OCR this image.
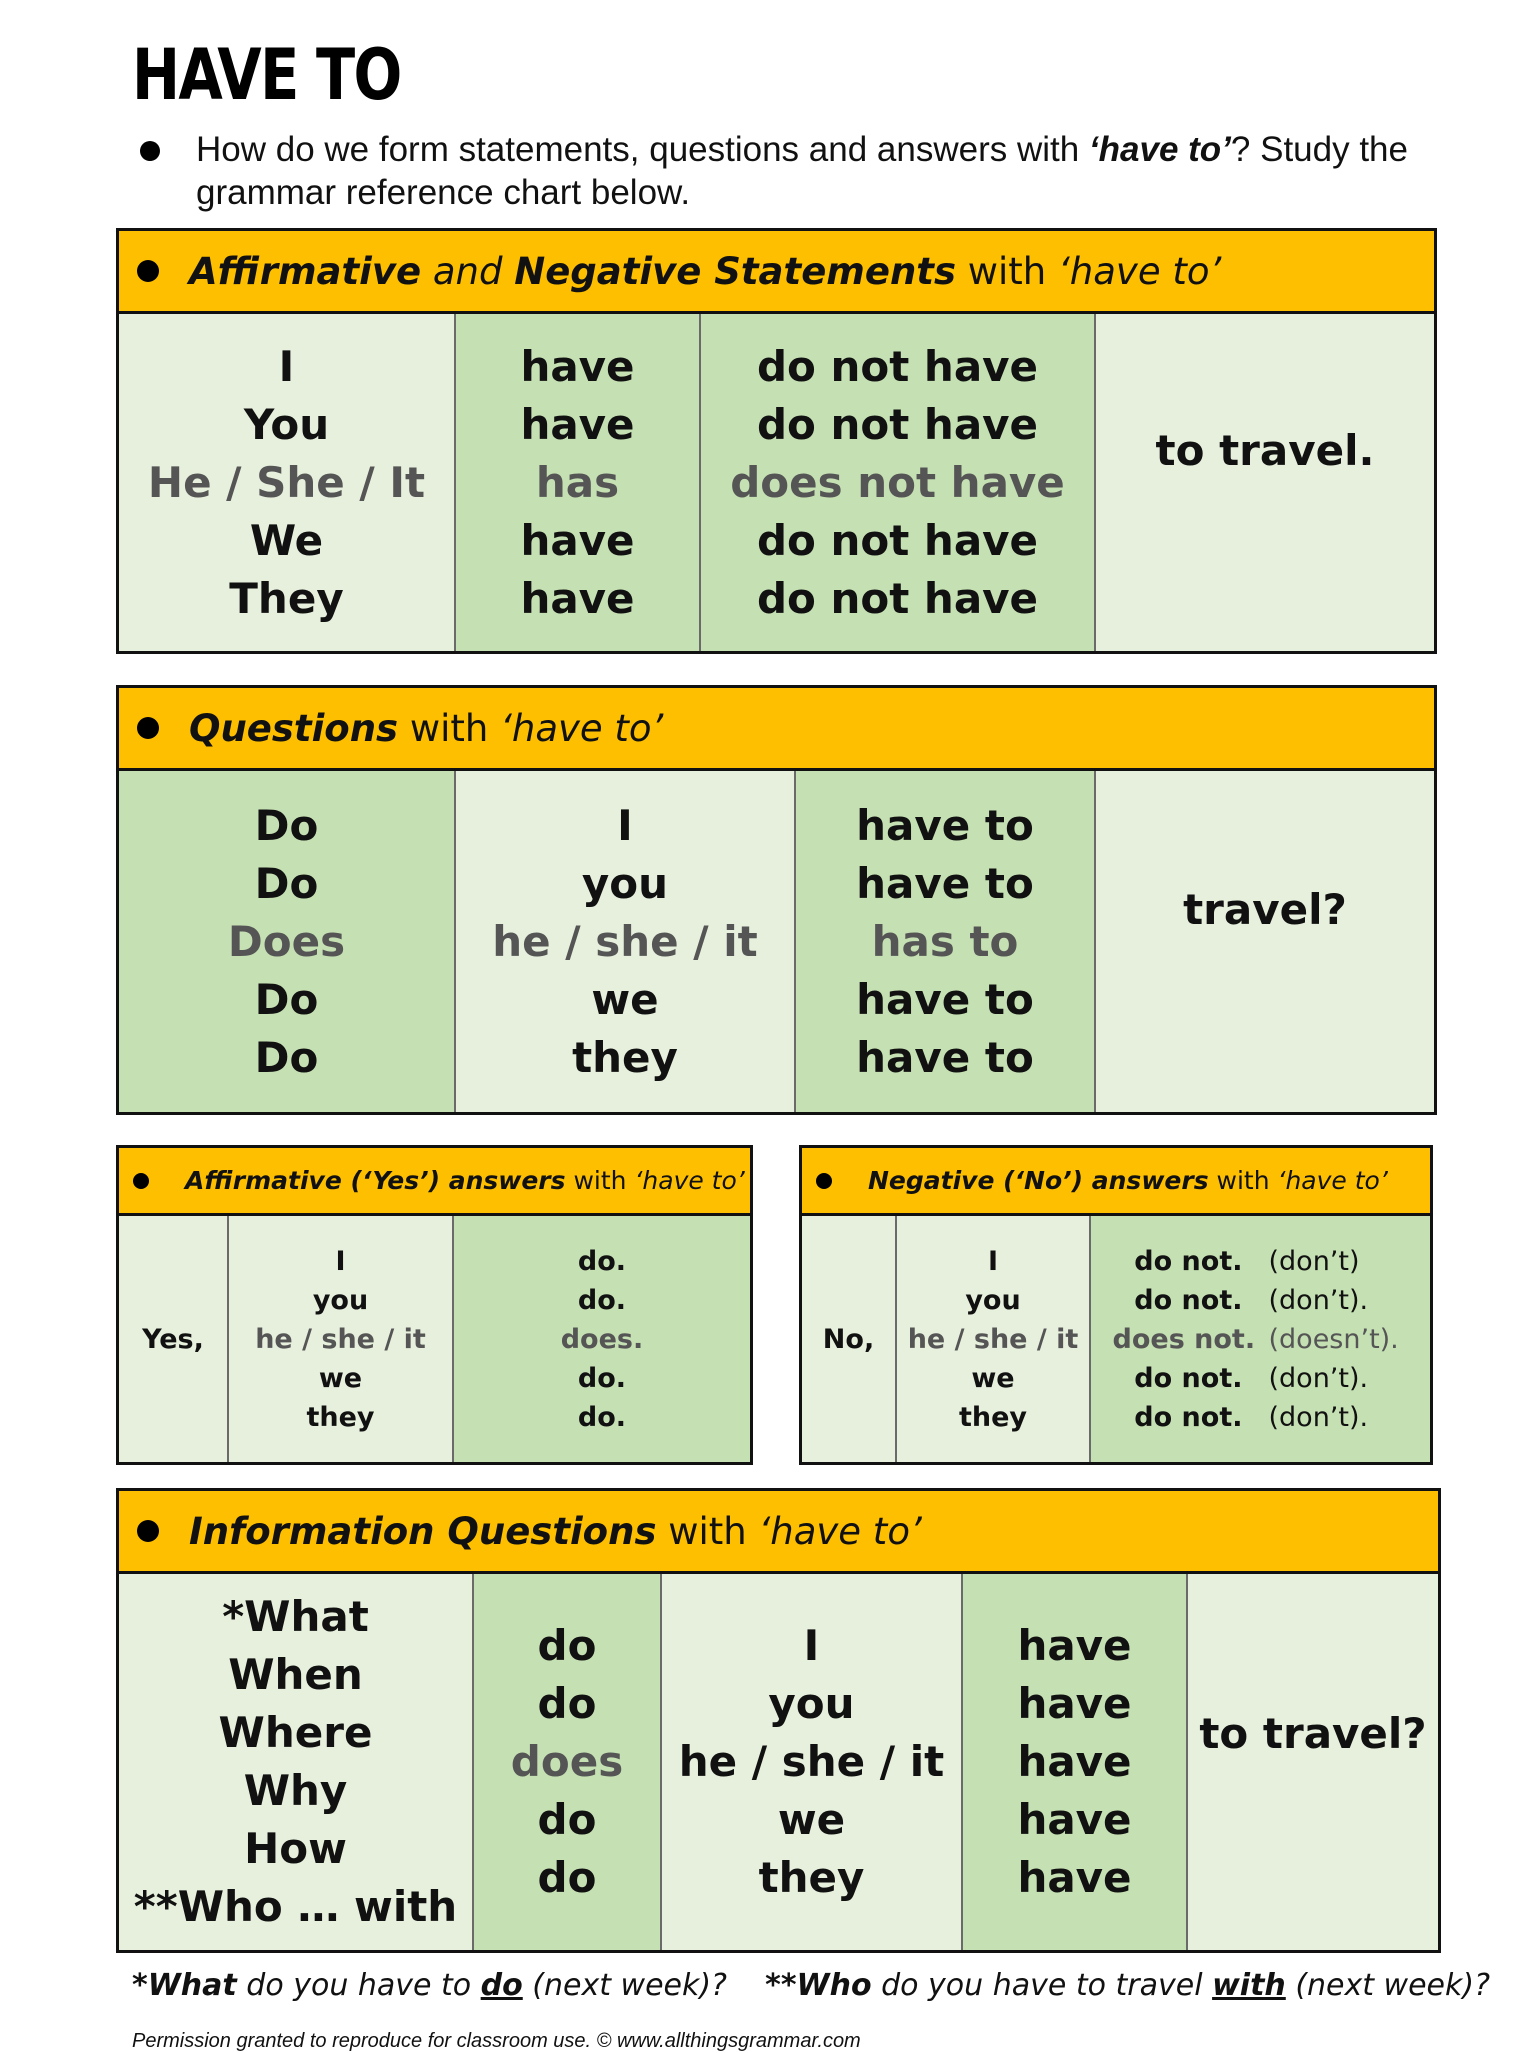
HAVE TO
How do we form statements, questions and answers with ‘have to’? Study the grammar reference chart below.
Affirmative and Negative Statements with ‘have to’
I
You
He / She / It
We
They
have
have
has
have
have
do not have
do not have
does not have
do not have
do not have
to travel.
Questions with ‘have to’
Do
Do
Does
Do
Do
I
you
he / she / it
we
they
have to
have to
has to
have to
have to
travel?
Affirmative (‘Yes’) answers with ‘have to’
Yes,
I
you
he / she / it
we
they
do.
do.
does.
do.
do.
Negative (‘No’) answers with ‘have to’
No,
I
you
he / she / it
we
they
do not. (don’t)
do not. (don’t).
does not. (doesn’t).
do not. (don’t).
do not. (don’t).
Information Questions with ‘have to’
*What
When
Where
Why
How
**Who … with
do
do
does
do
do
I
you
he / she / it
we
they
have
have
have
have
have
to travel?
*What do you have to do (next week)? **Who do you have to travel with (next week)?
Permission granted to reproduce for classroom use. © www.allthingsgrammar.com
